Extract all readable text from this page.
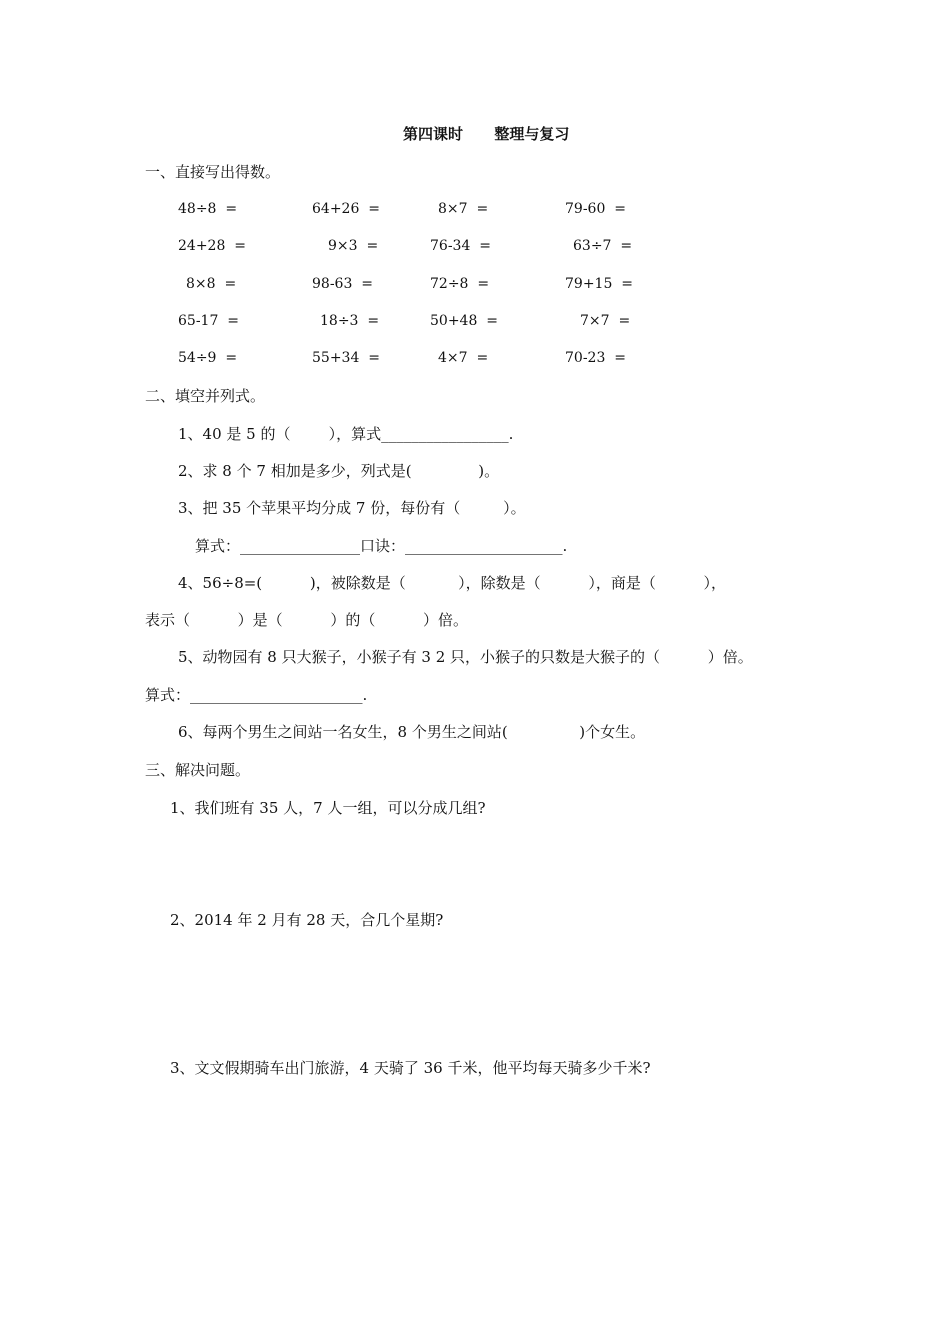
第四课时      整理与复习
一、直接写出得数。
48÷8  =	64+26  =	8×7  =	79-60  =
24+28  =	9×3  =	76-34  =	63÷7  =
8×8  =	98-63  =	72÷8  =	79+15  =
65-17  =	18÷3  =	50+48  =	7×7  =
54÷9  =	55+34  =	4×7  =	70-23  =
二、填空并列式。
1、40 是 5 的（        ），算式_________________.
2、求 8 个 7 相加是多少，列式是(              )。
3、把 35 个苹果平均分成 7 份，每份有（         ）。
算式：________________口诀：_____________________.
4、56÷8=(          )，被除数是（           ），除数是（          ），商是（          ），
表示（          ）是（          ）的（          ）倍。
5、动物园有 8 只大猴子，小猴子有 3 2 只，小猴子的只数是大猴子的（          ）倍。
算式：_______________________.
6、每两个男生之间站一名女生，8 个男生之间站(               )个女生。
三、解决问题。
1、我们班有 35 人，7 人一组，可以分成几组?
2、2014 年 2 月有 28 天，合几个星期?
3、文文假期骑车出门旅游，4 天骑了 36 千米，他平均每天骑多少千米?
